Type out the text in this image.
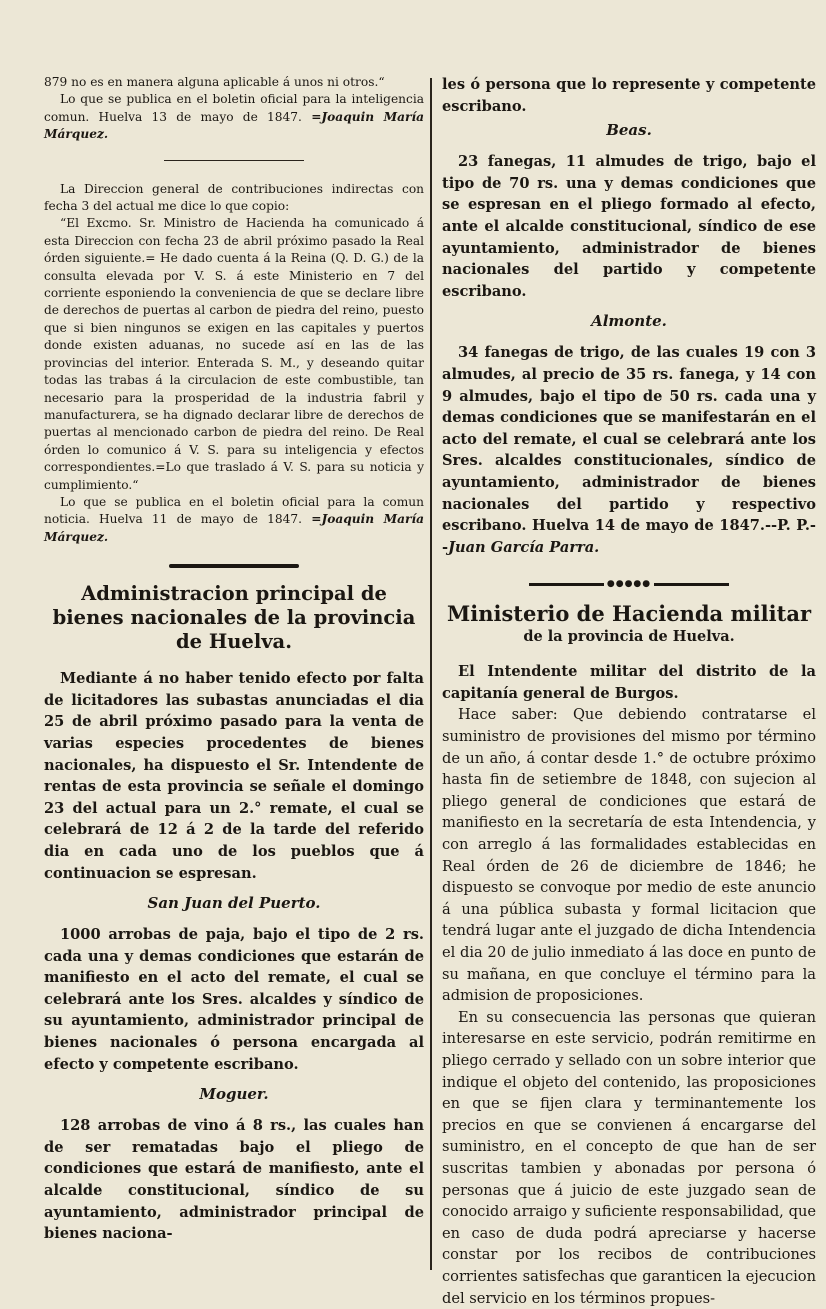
879 no es en manera alguna aplicable á unos ni otros.“

Lo que se publica en el boletin oficial para la inteligencia comun. Huelva 13 de mayo de 1847. =Joaquin María Márquez.

La Direccion general de contribuciones indirectas con fecha 3 del actual me dice lo que copio:

“El Excmo. Sr. Ministro de Hacienda ha comunicado á esta Direccion con fecha 23 de abril próximo pasado la Real órden siguiente.= He dado cuenta á la Reina (Q. D. G.) de la consulta elevada por V. S. á este Ministerio en 7 del corriente esponiendo la conveniencia de que se declare libre de derechos de puertas al carbon de piedra del reino, puesto que si bien ningunos se exigen en las capitales y puertos donde existen aduanas, no sucede así en las de las provincias del interior. Enterada S. M., y deseando quitar todas las trabas á la circulacion de este combustible, tan necesario para la prosperidad de la industria fabril y manufacturera, se ha dignado declarar libre de derechos de puertas al mencionado carbon de piedra del reino. De Real órden lo comunico á V. S. para su inteligencia y efectos correspondientes.=Lo que traslado á V. S. para su noticia y cumplimiento.“

Lo que se publica en el boletin oficial para la comun noticia. Huelva 11 de mayo de 1847. =Joaquin María Márquez.

Administracion principal de bienes nacionales de la provincia de Huelva.

Mediante á no haber tenido efecto por falta de licitadores las subastas anunciadas el dia 25 de abril próximo pasado para la venta de varias especies procedentes de bienes nacionales, ha dispuesto el Sr. Intendente de rentas de esta provincia se señale el domingo 23 del actual para un 2.° remate, el cual se celebrará de 12 á 2 de la tarde del referido dia en cada uno de los pueblos que á continuacion se espresan.

San Juan del Puerto.

1000 arrobas de paja, bajo el tipo de 2 rs. cada una y demas condiciones que estarán de manifiesto en el acto del remate, el cual se celebrará ante los Sres. alcaldes y síndico de su ayuntamiento, administrador principal de bienes nacionales ó persona encargada al efecto y competente escribano.

Moguer.

128 arrobas de vino á 8 rs., las cuales han de ser rematadas bajo el pliego de condiciones que estará de manifiesto, ante el alcalde constitucional, síndico de su ayuntamiento, administrador principal de bienes naciona-

les ó persona que lo represente y competente escribano.

Beas.

23 fanegas, 11 almudes de trigo, bajo el tipo de 70 rs. una y demas condiciones que se espresan en el pliego formado al efecto, ante el alcalde constitucional, síndico de ese ayuntamiento, administrador de bienes nacionales del partido y competente escribano.

Almonte.

34 fanegas de trigo, de las cuales 19 con 3 almudes, al precio de 35 rs. fanega, y 14 con 9 almudes, bajo el tipo de 50 rs. cada una y demas condiciones que se manifestarán en el acto del remate, el cual se celebrará ante los Sres. alcaldes constitucionales, síndico de ayuntamiento, administrador de bienes nacionales del partido y respectivo escribano. Huelva 14 de mayo de 1847.--P. P.--Juan García Parra.

●●●●●
Ministerio de Hacienda militar
de la provincia de Huelva.

El Intendente militar del distrito de la capitanía general de Burgos.

Hace saber: Que debiendo contratarse el suministro de provisiones del mismo por término de un año, á contar desde 1.° de octubre próximo hasta fin de setiembre de 1848, con sujecion al pliego general de condiciones que estará de manifiesto en la secretaría de esta Intendencia, y con arreglo á las formalidades establecidas en Real órden de 26 de diciembre de 1846; he dispuesto se convoque por medio de este anuncio á una pública subasta y formal licitacion que tendrá lugar ante el juzgado de dicha Intendencia el dia 20 de julio inmediato á las doce en punto de su mañana, en que concluye el término para la admision de proposiciones.

En su consecuencia las personas que quieran interesarse en este servicio, podrán remitirme en pliego cerrado y sellado con un sobre interior que indique el objeto del contenido, las proposiciones en que se fijen clara y terminantemente los precios en que se convienen á encargarse del suministro, en el concepto de que han de ser suscritas tambien y abonadas por persona ó personas que á juicio de este juzgado sean de conocido arraigo y suficiente responsabilidad, que en caso de duda podrá apreciarse y hacerse constar por los recibos de contribuciones corrientes satisfechas que garanticen la ejecucion del servicio en los términos propues-
